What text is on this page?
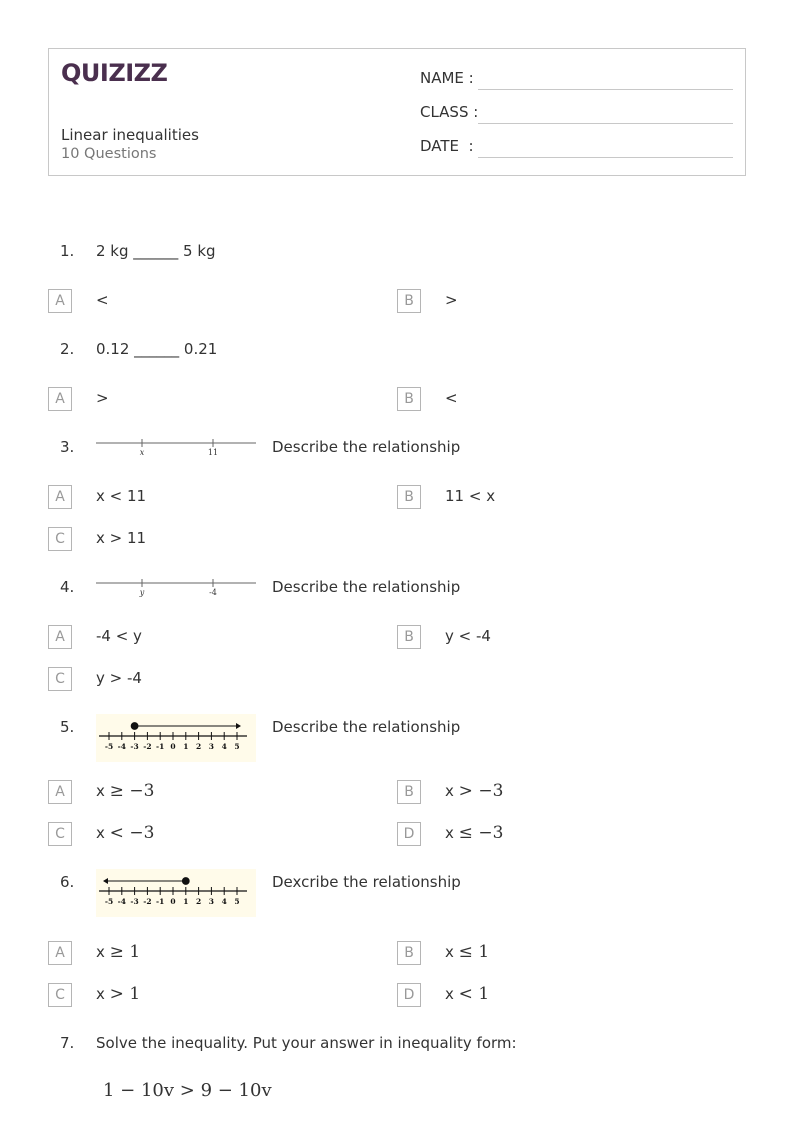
QUIZIZZ
Linear inequalities
10 Questions
NAME :
CLASS :
DATE  :
1. 2 kg ______ 5 kg
A	<	B	>
2. 0.12 ______ 0.21
A	>	B	<
3.	x	11	Describe the relationship
A	x < 11	B	11 < x
C	x > 11
4.	y	-4	Describe the relationship
A	-4 < y	B	y < -4
C	y > -4
5.
-5 -4 -3 -2 -1 0 1 2 3 4 5
Describe the relationship
A	x ≥ −3	B	x > −3
C	x < −3	D	x ≤ −3
6.
-5 -4 -3 -2 -1 0 1 2 3 4 5
Dexcribe the relationship
A	x ≥ 1	B	x ≤ 1
C	x > 1	D	x < 1
7. Solve the inequality. Put your answer in inequality form:
1 − 10v > 9 − 10v
